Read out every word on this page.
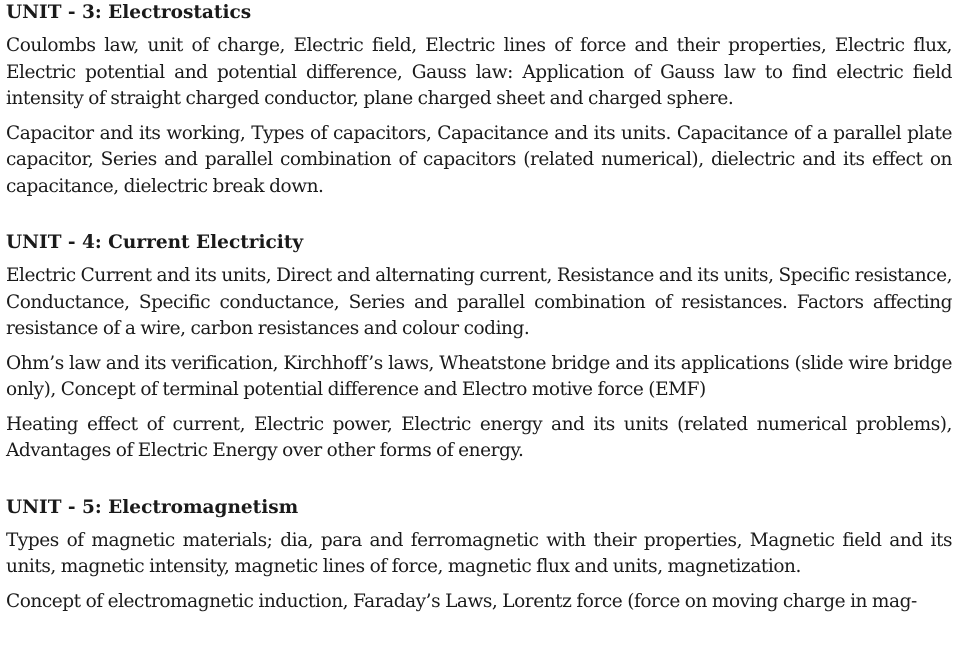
UNIT - 3: Electrostatics

Coulombs law, unit of charge, Electric field, Electric lines of force and their properties, Electric flux, Electric potential and potential difference, Gauss law: Application of Gauss law to find electric field intensity of straight charged conductor, plane charged sheet and charged sphere.

Capacitor and its working, Types of capacitors, Capacitance and its units. Capacitance of a parallel plate capacitor, Series and parallel combination of capacitors (related numerical), dielectric and its effect on capacitance, dielectric break down.

UNIT - 4: Current Electricity

Electric Current and its units, Direct and alternating current, Resistance and its units, Specific resistance, Conductance, Specific conductance, Series and parallel combination of resistances. Factors affecting resistance of a wire, carbon resistances and colour coding.

Ohm’s law and its verification, Kirchhoff’s laws, Wheatstone bridge and its applications (slide wire bridge only), Concept of terminal potential difference and Electro motive force (EMF)

Heating effect of current, Electric power, Electric energy and its units (related numerical problems), Advantages of Electric Energy over other forms of energy.

UNIT - 5: Electromagnetism

Types of magnetic materials; dia, para and ferromagnetic with their properties, Magnetic field and its units, magnetic intensity, magnetic lines of force, magnetic flux and units, magnetization.

Concept of electromagnetic induction, Faraday’s Laws, Lorentz force (force on moving charge in mag-
